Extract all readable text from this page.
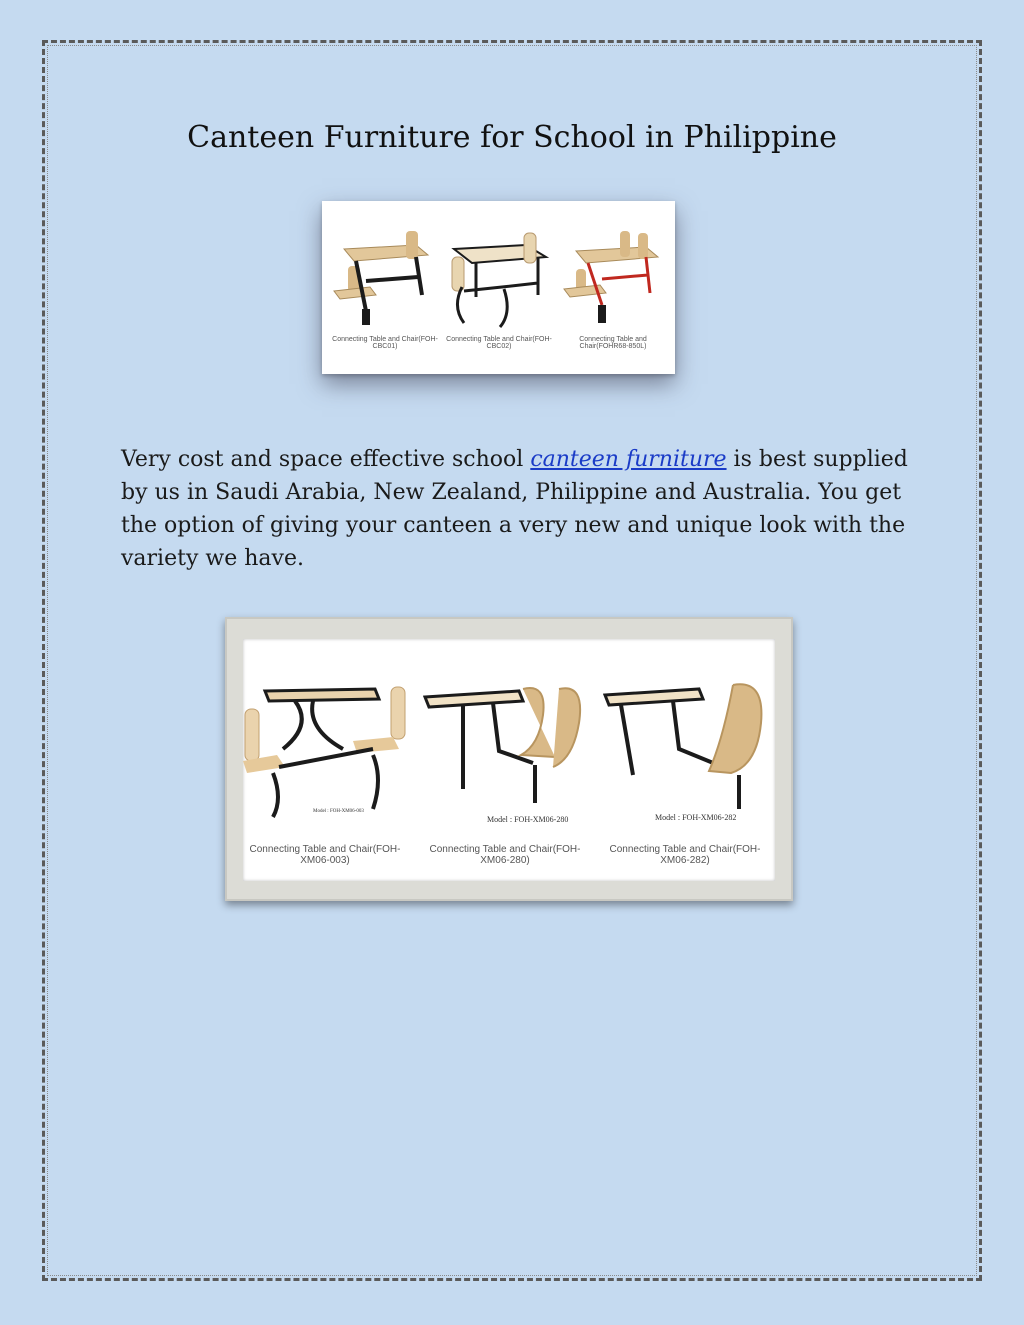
Canteen Furniture for School in Philippine
Connecting Table and Chair(FOH-CBC01)
Connecting Table and Chair(FOH-CBC02)
Connecting Table and Chair(FOHR68-850L)

Very cost and space effective school canteen furniture is best supplied by us in Saudi Arabia, New Zealand, Philippine and Australia. You get the option of giving your canteen a very new and unique look with the variety we have.

Model : FOH-XM06-003
Model : FOH-XM06-280	Model : FOH-XM06-282
Connecting Table and Chair(FOH-XM06-003)
Connecting Table and Chair(FOH-XM06-280)
Connecting Table and Chair(FOH-XM06-282)
